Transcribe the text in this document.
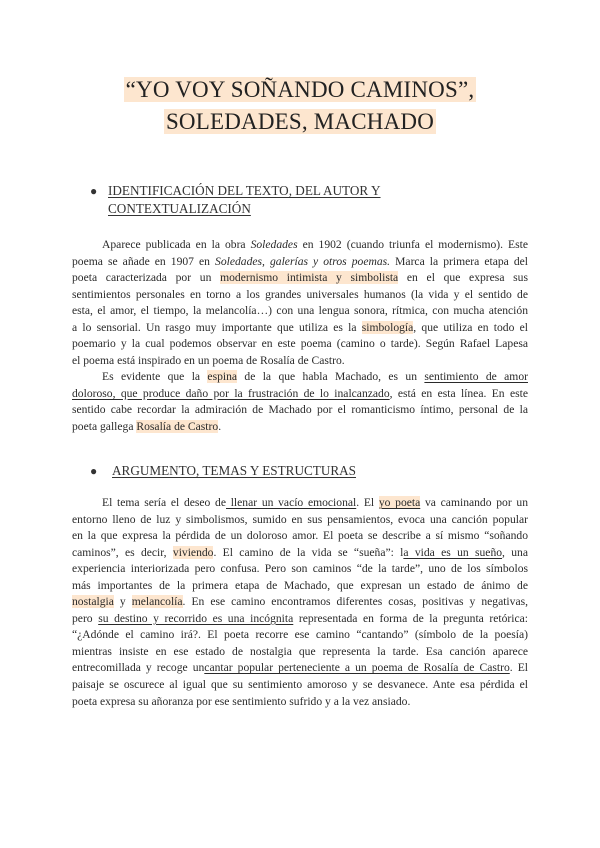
“YO VOY SOÑANDO CAMINOS”,
SOLEDADES, MACHADO
● IDENTIFICACIÓN DEL TEXTO, DEL AUTOR Y CONTEXTUALIZACIÓN
Aparece publicada en la obra Soledades en 1902 (cuando triunfa el modernismo). Este
poema se añade en 1907 en Soledades, galerías y otros poemas. Marca la primera etapa del
poeta caracterizada por un modernismo intimista y simbolista en el que expresa sus
sentimientos personales en torno a los grandes universales humanos (la vida y el sentido de
esta, el amor, el tiempo, la melancolía…) con una lengua sonora, rítmica, con mucha atención
a lo sensorial. Un rasgo muy importante que utiliza es la simbología, que utiliza en todo el
poemario y la cual podemos observar en este poema (camino o tarde). Según Rafael Lapesa
el poema está inspirado en un poema de Rosalía de Castro.
Es evidente que la espina de la que habla Machado, es un sentimiento de amor
doloroso, que produce daño por la frustración de lo inalcanzado, está en esta línea. En este
sentido cabe recordar la admiración de Machado por el romanticismo íntimo, personal de la
poeta gallega Rosalía de Castro.
● ARGUMENTO, TEMAS Y ESTRUCTURAS
El tema sería el deseo de llenar un vacío emocional. El yo poeta va caminando por un
entorno lleno de luz y simbolismos, sumido en sus pensamientos, evoca una canción popular
en la que expresa la pérdida de un doloroso amor. El poeta se describe a sí mismo “soñando
caminos”, es decir, viviendo. El camino de la vida se “sueña”: la vida es un sueño, una
experiencia interiorizada pero confusa. Pero son caminos “de la tarde”, uno de los símbolos
más importantes de la primera etapa de Machado, que expresan un estado de ánimo de
nostalgia y melancolía. En ese camino encontramos diferentes cosas, positivas y negativas,
pero su destino y recorrido es una incógnita representada en forma de la pregunta retórica:
“¿Adónde el camino irá?. El poeta recorre ese camino “cantando” (símbolo de la poesía)
mientras insiste en ese estado de nostalgia que representa la tarde. Esa canción aparece
entrecomillada y recoge uncantar popular perteneciente a un poema de Rosalía de Castro. El
paisaje se oscurece al igual que su sentimiento amoroso y se desvanece. Ante esa pérdida el
poeta expresa su añoranza por ese sentimiento sufrido y a la vez ansiado.
